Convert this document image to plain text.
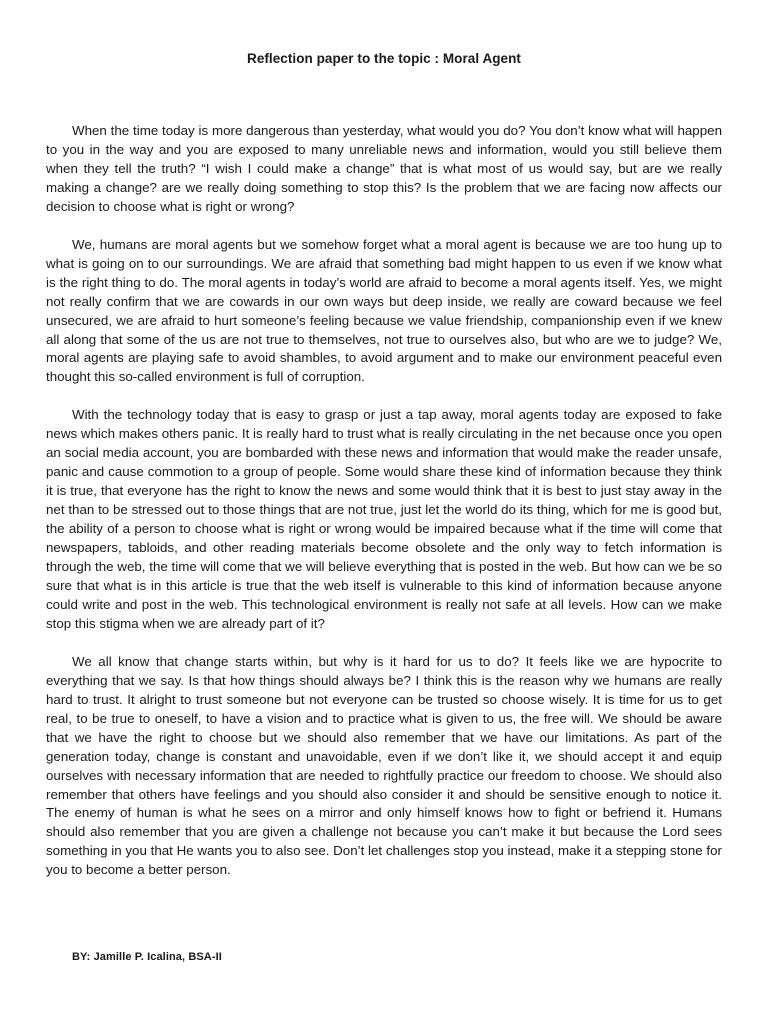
Reflection paper to the topic : Moral Agent

When the time today is more dangerous than yesterday, what would you do? You don’t know what will happen to you in the way and you are exposed to many unreliable news and information, would you still believe them when they tell the truth? “I wish I could make a change” that is what most of us would say, but are we really making a change? are we really doing something to stop this? Is the problem that we are facing now affects our decision to choose what is right or wrong?

We, humans are moral agents but we somehow forget what a moral agent is because we are too hung up to what is going on to our surroundings. We are afraid that something bad might happen to us even if we know what is the right thing to do. The moral agents in today’s world are afraid to become a moral agents itself. Yes, we might not really confirm that we are cowards in our own ways but deep inside, we really are coward because we feel unsecured, we are afraid to hurt someone’s feeling because we value friendship, companionship even if we knew all along that some of the us are not true to themselves, not true to ourselves also, but who are we to judge? We, moral agents are playing safe to avoid shambles, to avoid argument and to make our environment peaceful even thought this so-called environment is full of corruption.

With the technology today that is easy to grasp or just a tap away, moral agents today are exposed to fake news which makes others panic. It is really hard to trust what is really circulating in the net because once you open an social media account, you are bombarded with these news and information that would make the reader unsafe, panic and cause commotion to a group of people. Some would share these kind of information because they think it is true, that everyone has the right to know the news and some would think that it is best to just stay away in the net than to be stressed out to those things that are not true, just let the world do its thing, which for me is good but, the ability of a person to choose what is right or wrong would be impaired because what if the time will come that newspapers, tabloids, and other reading materials become obsolete and the only way to fetch information is through the web, the time will come that we will believe everything that is posted in the web. But how can we be so sure that what is in this article is true that the web itself is vulnerable to this kind of information because anyone could write and post in the web. This technological environment is really not safe at all levels. How can we make stop this stigma when we are already part of it?

We all know that change starts within, but why is it hard for us to do? It feels like we are hypocrite to everything that we say. Is that how things should always be? I think this is the reason why we humans are really hard to trust. It alright to trust someone but not everyone can be trusted so choose wisely. It is time for us to get real, to be true to oneself, to have a vision and to practice what is given to us, the free will. We should be aware that we have the right to choose but we should also remember that we have our limitations. As part of the generation today, change is constant and unavoidable, even if we don’t like it, we should accept it and equip ourselves with necessary information that are needed to rightfully practice our freedom to choose. We should also remember that others have feelings and you should also consider it and should be sensitive enough to notice it. The enemy of human is what he sees on a mirror and only himself knows how to fight or befriend it. Humans should also remember that you are given a challenge not because you can’t make it but because the Lord sees something in you that He wants you to also see. Don’t let challenges stop you instead, make it a stepping stone for you to become a better person.

BY: Jamille P. Icalina, BSA-II
